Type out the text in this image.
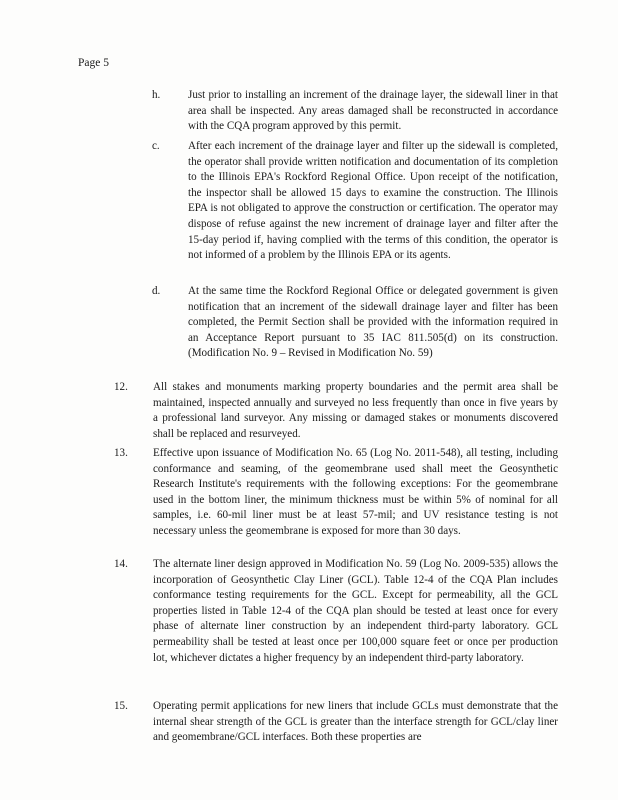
Page 5
h. Just prior to installing an increment of the drainage layer, the sidewall liner in that area shall be inspected. Any areas damaged shall be reconstructed in accordance with the CQA program approved by this permit.
c.	After each increment of the drainage layer and filter up the sidewall is completed, the operator shall provide written notification and documentation of its completion to the Illinois EPA's Rockford Regional Office. Upon receipt of the notification, the inspector shall be allowed 15 days to examine the construction. The Illinois EPA is not obligated to approve the construction or certification. The operator may dispose of refuse against the new increment of drainage layer and filter after the 15-day period if, having complied with the terms of this condition, the operator is not informed of a problem by the Illinois EPA or its agents.
d. At the same time the Rockford Regional Office or delegated government is given notification that an increment of the sidewall drainage layer and filter has been completed, the Permit Section shall be provided with the information required in an Acceptance Report pursuant to 35 IAC 811.505(d) on its construction. (Modification No. 9 – Revised in Modification No. 59)
12. All stakes and monuments marking property boundaries and the permit area shall be maintained, inspected annually and surveyed no less frequently than once in five years by a professional land surveyor. Any missing or damaged stakes or monuments discovered shall be replaced and resurveyed.
13. Effective upon issuance of Modification No. 65 (Log No. 2011-548), all testing, including conformance and seaming, of the geomembrane used shall meet the Geosynthetic Research Institute's requirements with the following exceptions: For the geomembrane used in the bottom liner, the minimum thickness must be within 5% of nominal for all samples, i.e. 60-mil liner must be at least 57-mil; and UV resistance testing is not necessary unless the geomembrane is exposed for more than 30 days.
14. The alternate liner design approved in Modification No. 59 (Log No. 2009-535) allows the incorporation of Geosynthetic Clay Liner (GCL). Table 12-4 of the CQA Plan includes conformance testing requirements for the GCL. Except for permeability, all the GCL properties listed in Table 12-4 of the CQA plan should be tested at least once for every phase of alternate liner construction by an independent third-party laboratory. GCL permeability shall be tested at least once per 100,000 square feet or once per production lot, whichever dictates a higher frequency by an independent third-party laboratory.
15. Operating permit applications for new liners that include GCLs must demonstrate that the internal shear strength of the GCL is greater than the interface strength for GCL/clay liner and geomembrane/GCL interfaces. Both these properties are
